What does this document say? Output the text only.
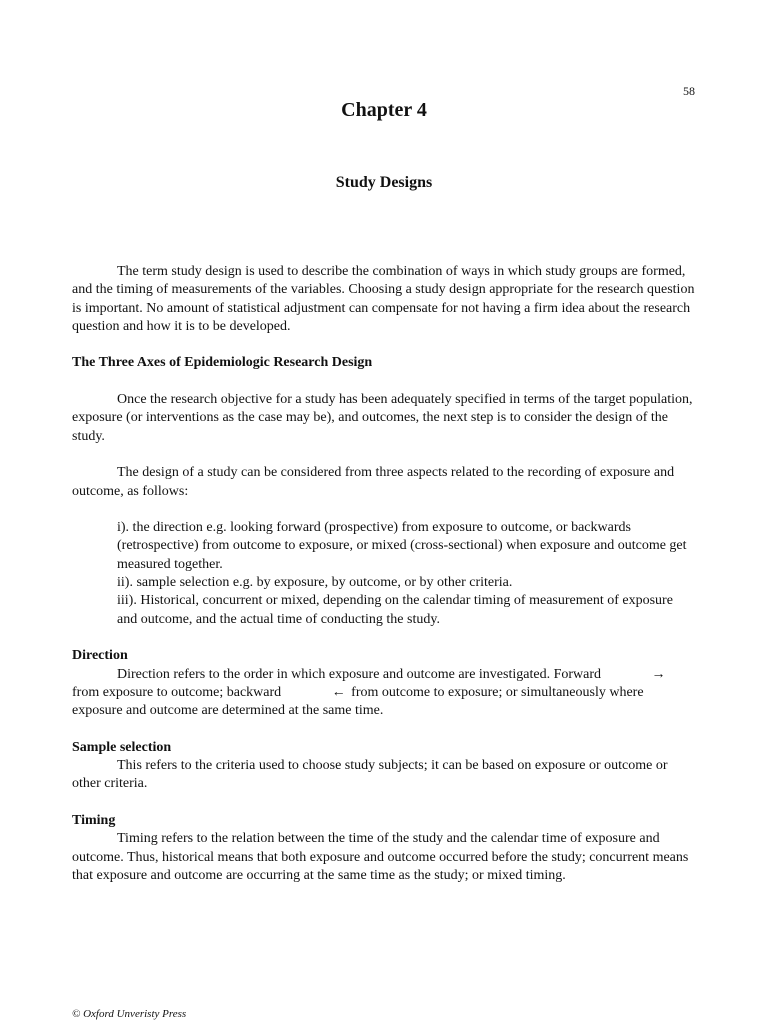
58
Chapter 4
Study Designs

The term study design is used to describe the combination of ways in which study groups are formed, and the timing of measurements of the variables. Choosing a study design appropriate for the research question is important. No amount of statistical adjustment can compensate for not having a firm idea about the research question and how it is to be developed.

The Three Axes of Epidemiologic Research Design

Once the research objective for a study has been adequately specified in terms of the target population, exposure (or interventions as the case may be), and outcomes, the next step is to consider the design of the study.

The design of a study can be considered from three aspects related to the recording of exposure and outcome, as follows:

i). the direction e.g. looking forward (prospective) from exposure to outcome, or backwards (retrospective) from outcome to exposure, or mixed (cross-sectional) when exposure and outcome get measured together.

ii). sample selection e.g. by exposure, by outcome, or by other criteria.

iii). Historical, concurrent or mixed, depending on the calendar timing of measurement of exposure and outcome, and the actual time of conducting the study.

Direction

Direction refers to the order in which exposure and outcome are investigated. Forward	→ from exposure to outcome; backward	← from outcome to exposure; or simultaneously where exposure and outcome are determined at the same time.

Sample selection

This refers to the criteria used to choose study subjects; it can be based on exposure or outcome or other criteria.

Timing

Timing refers to the relation between the time of the study and the calendar time of exposure and outcome. Thus, historical means that both exposure and outcome occurred before the study; concurrent means that exposure and outcome are occurring at the same time as the study; or mixed timing.

© Oxford Unveristy Press
